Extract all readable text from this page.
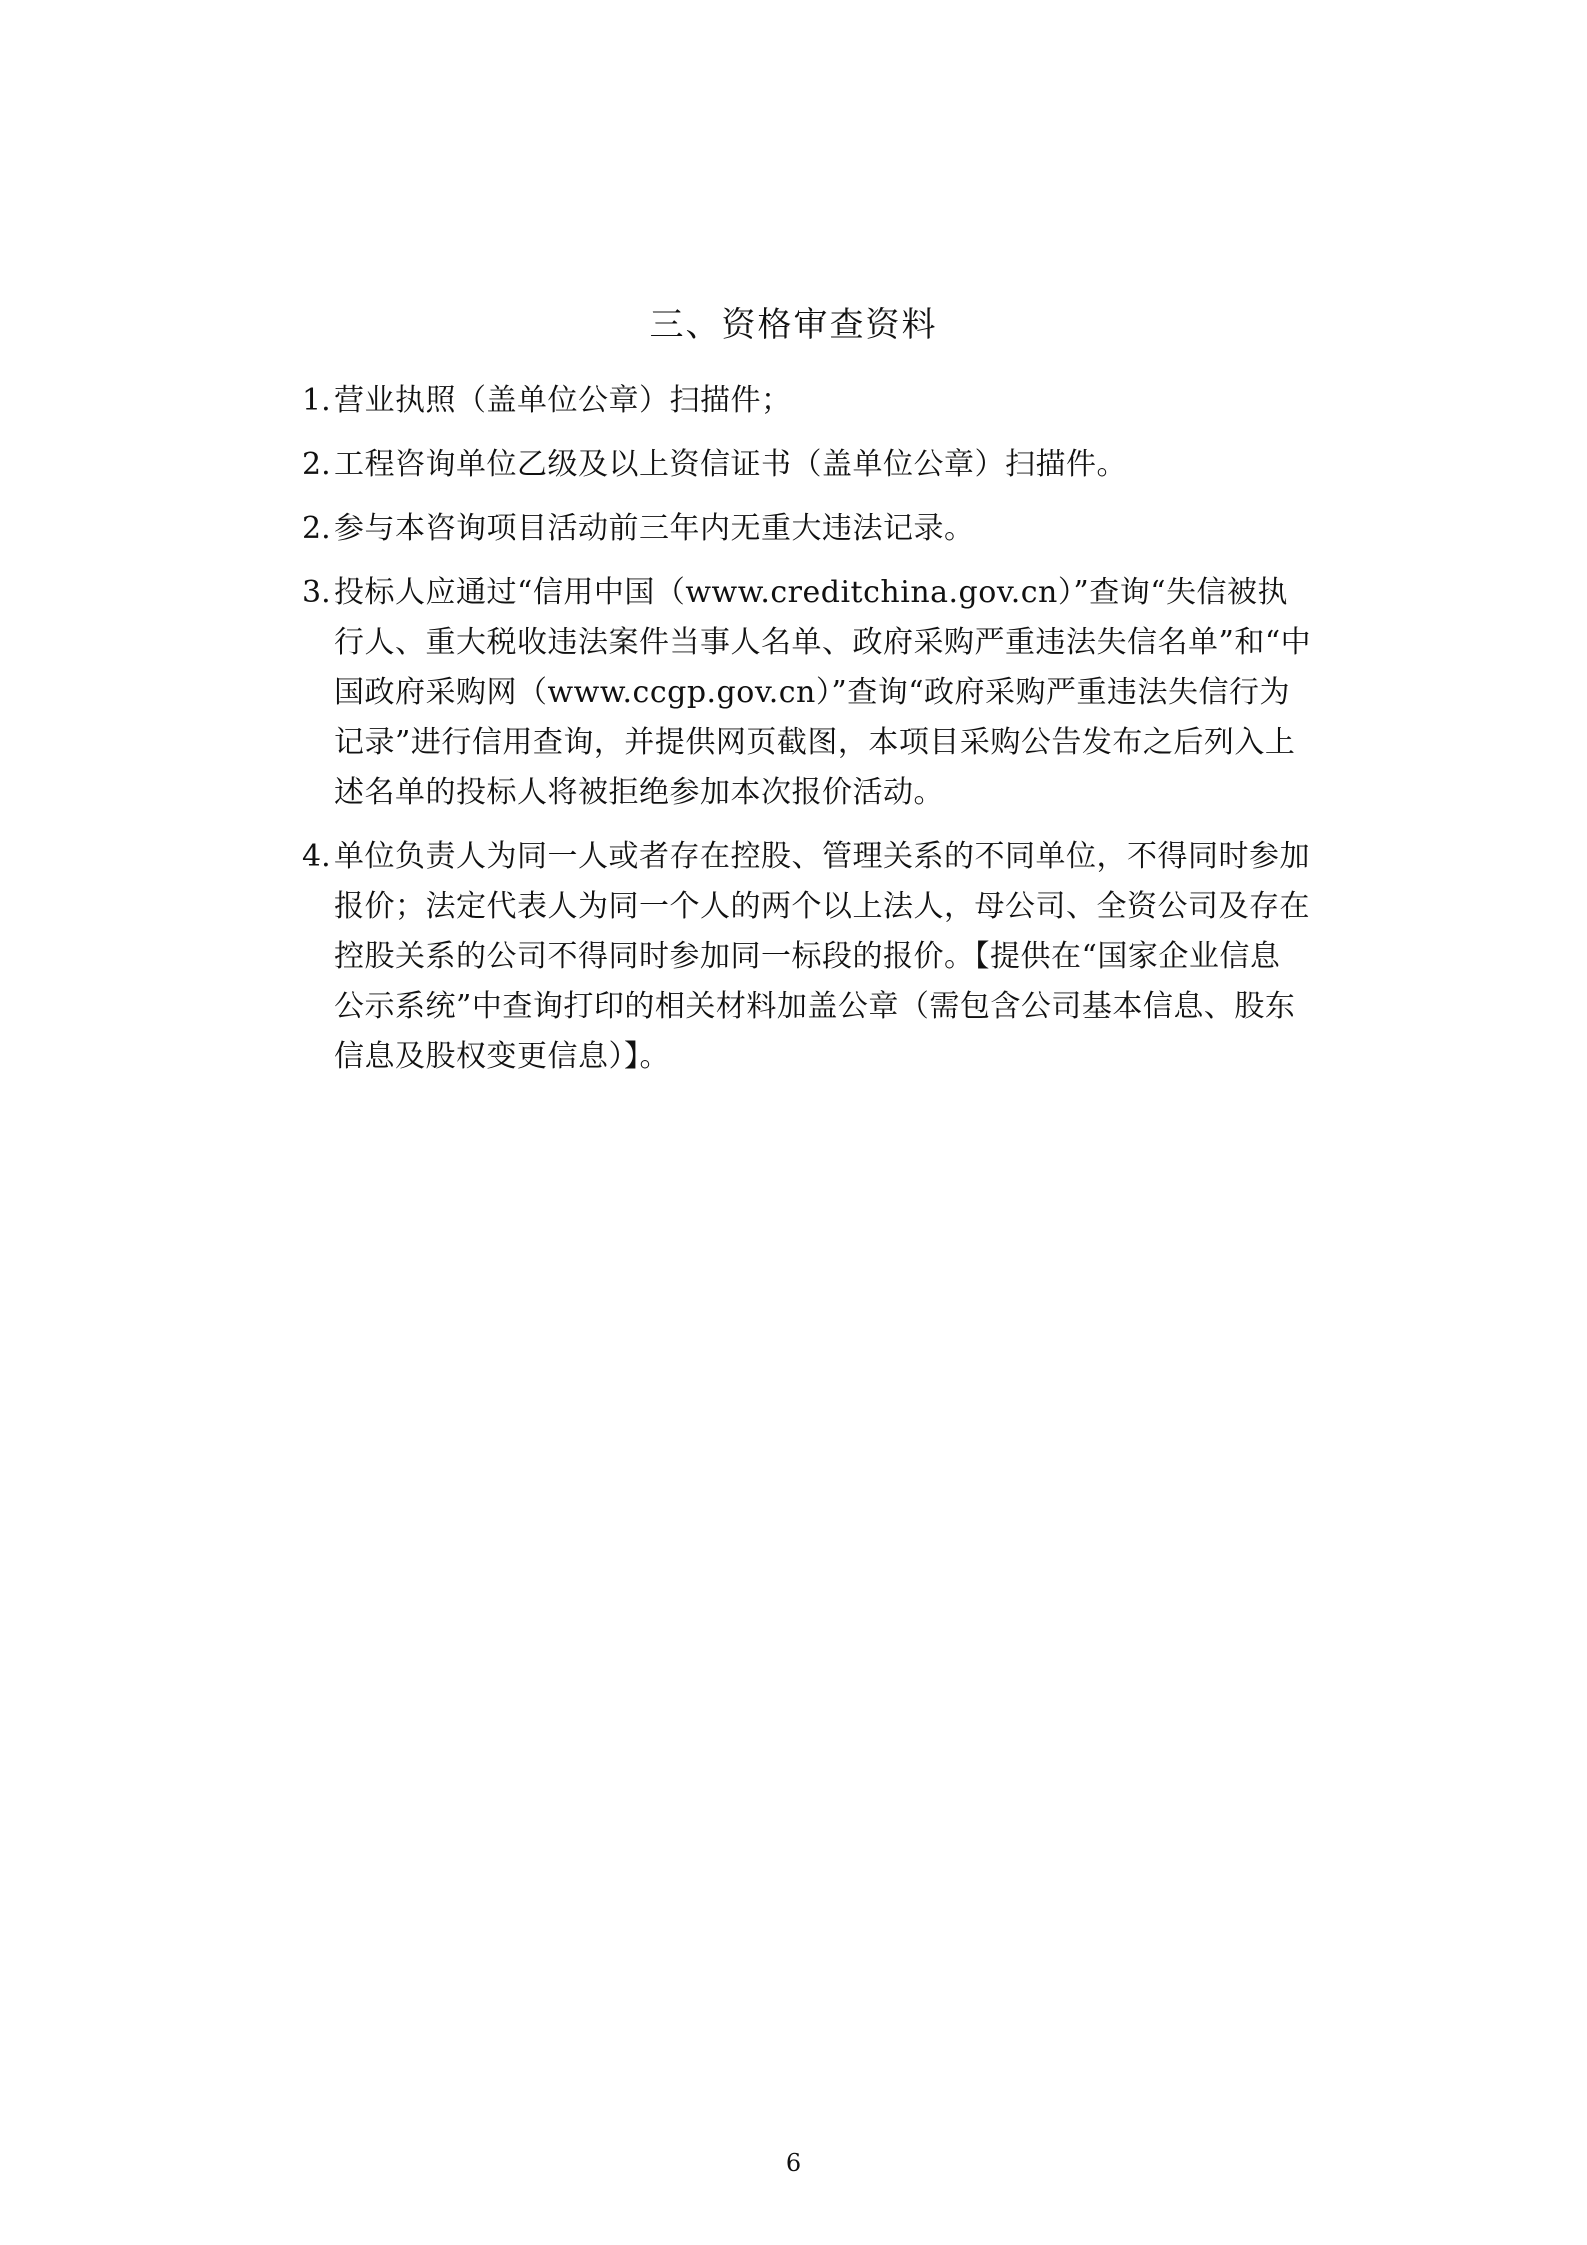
三、资格审查资料
1. 营业执照（盖单位公章）扫描件；
2. 工程咨询单位乙级及以上资信证书（盖单位公章）扫描件。
2. 参与本咨询项目活动前三年内无重大违法记录。
3. 投标人应通过“信用中国（www.creditchina.gov.cn）”查询“失信被执
行人、重大税收违法案件当事人名单、政府采购严重违法失信名单”和“中
国政府采购网（www.ccgp.gov.cn）”查询“政府采购严重违法失信行为
记录”进行信用查询，并提供网页截图，本项目采购公告发布之后列入上
述名单的投标人将被拒绝参加本次报价活动。
4. 单位负责人为同一人或者存在控股、管理关系的不同单位，不得同时参加
报价；法定代表人为同一个人的两个以上法人，母公司、全资公司及存在
控股关系的公司不得同时参加同一标段的报价。【提供在“国家企业信息
公示系统”中查询打印的相关材料加盖公章（需包含公司基本信息、股东
信息及股权变更信息）】。
6
